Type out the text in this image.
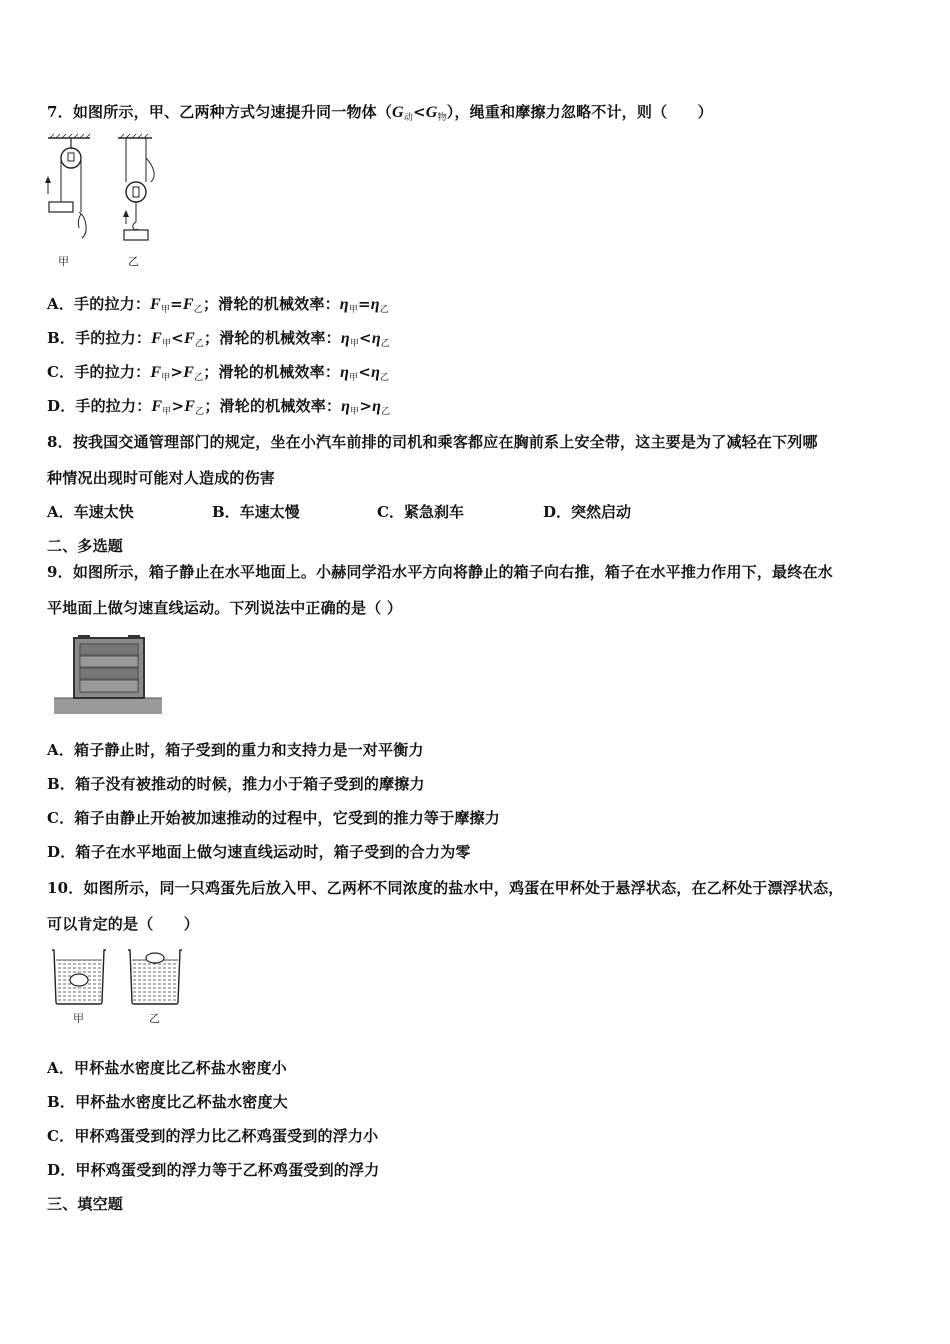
7．如图所示，甲、乙两种方式匀速提升同一物体$(G_动<G_物)$，绳重和摩擦力忽略不计，则（　　）
甲	乙
A．手的拉力：$F_甲=F_乙$；滑轮的机械效率：$\eta_甲=\eta_乙$
B．手的拉力：$F_甲<F_乙$；滑轮的机械效率：$\eta_甲<\eta_乙$
C．手的拉力：$F_甲>F_乙$；滑轮的机械效率：$\eta_甲<\eta_乙$
D．手的拉力：$F_甲>F_乙$；滑轮的机械效率：$\eta_甲>\eta_乙$
8．按我国交通管理部门的规定，坐在小汽车前排的司机和乘客都应在胸前系上安全带，这主要是为了减轻在下列哪
种情况出现时可能对人造成的伤害
A．车速太快	B．车速太慢	C．紧急刹车	D．突然启动
二、多选题
9．如图所示，箱子静止在水平地面上。小赫同学沿水平方向将静止的箱子向右推，箱子在水平推力作用下，最终在水
平地面上做匀速直线运动。下列说法中正确的是（ ）
A．箱子静止时，箱子受到的重力和支持力是一对平衡力
B．箱子没有被推动的时候，推力小于箱子受到的摩擦力
C．箱子由静止开始被加速推动的过程中，它受到的推力等于摩擦力
D．箱子在水平地面上做匀速直线运动时，箱子受到的合力为零
10．如图所示，同一只鸡蛋先后放入甲、乙两杯不同浓度的盐水中，鸡蛋在甲杯处于悬浮状态，在乙杯处于漂浮状态，
可以肯定的是（　　）
甲	乙
A．甲杯盐水密度比乙杯盐水密度小
B．甲杯盐水密度比乙杯盐水密度大
C．甲杯鸡蛋受到的浮力比乙杯鸡蛋受到的浮力小
D．甲杯鸡蛋受到的浮力等于乙杯鸡蛋受到的浮力
三、填空题
